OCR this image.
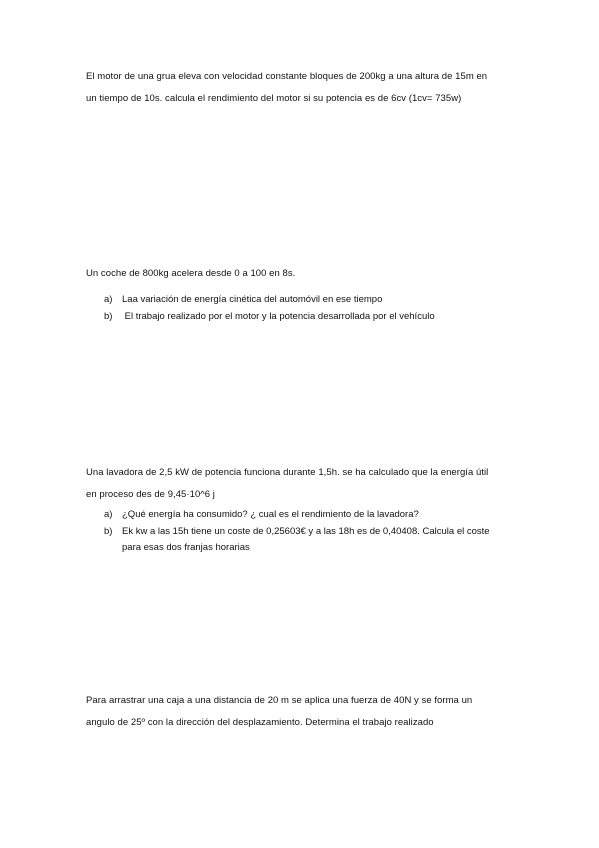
El motor de una grua eleva con velocidad constante bloques de 200kg a una altura de 15m en
un tiempo de 10s. calcula el rendimiento del motor si su potencia es de 6cv (1cv= 735w)
Un coche de 800kg acelera desde 0 a 100 en 8s.
a)	Laa variación de energía cinética del automóvil en ese tiempo
b)	El trabajo realizado por el motor y la potencia desarrollada por el vehículo
Una lavadora de 2,5 kW de potencia funciona durante 1,5h. se ha calculado que la energía útil
en proceso des de 9,45·10^6 j
a)	¿Qué energía ha consumido? ¿ cual es el rendimiento de la lavadora?
b)	Ek kw a las 15h tiene un coste de 0,25603€ y a las 18h es de 0,40408. Calcula el coste
para esas dos franjas horarias
Para arrastrar una caja a una distancia de 20 m se aplica una fuerza de 40N y se forma un
angulo de 25º con la dirección del desplazamiento. Determina el trabajo realizado
